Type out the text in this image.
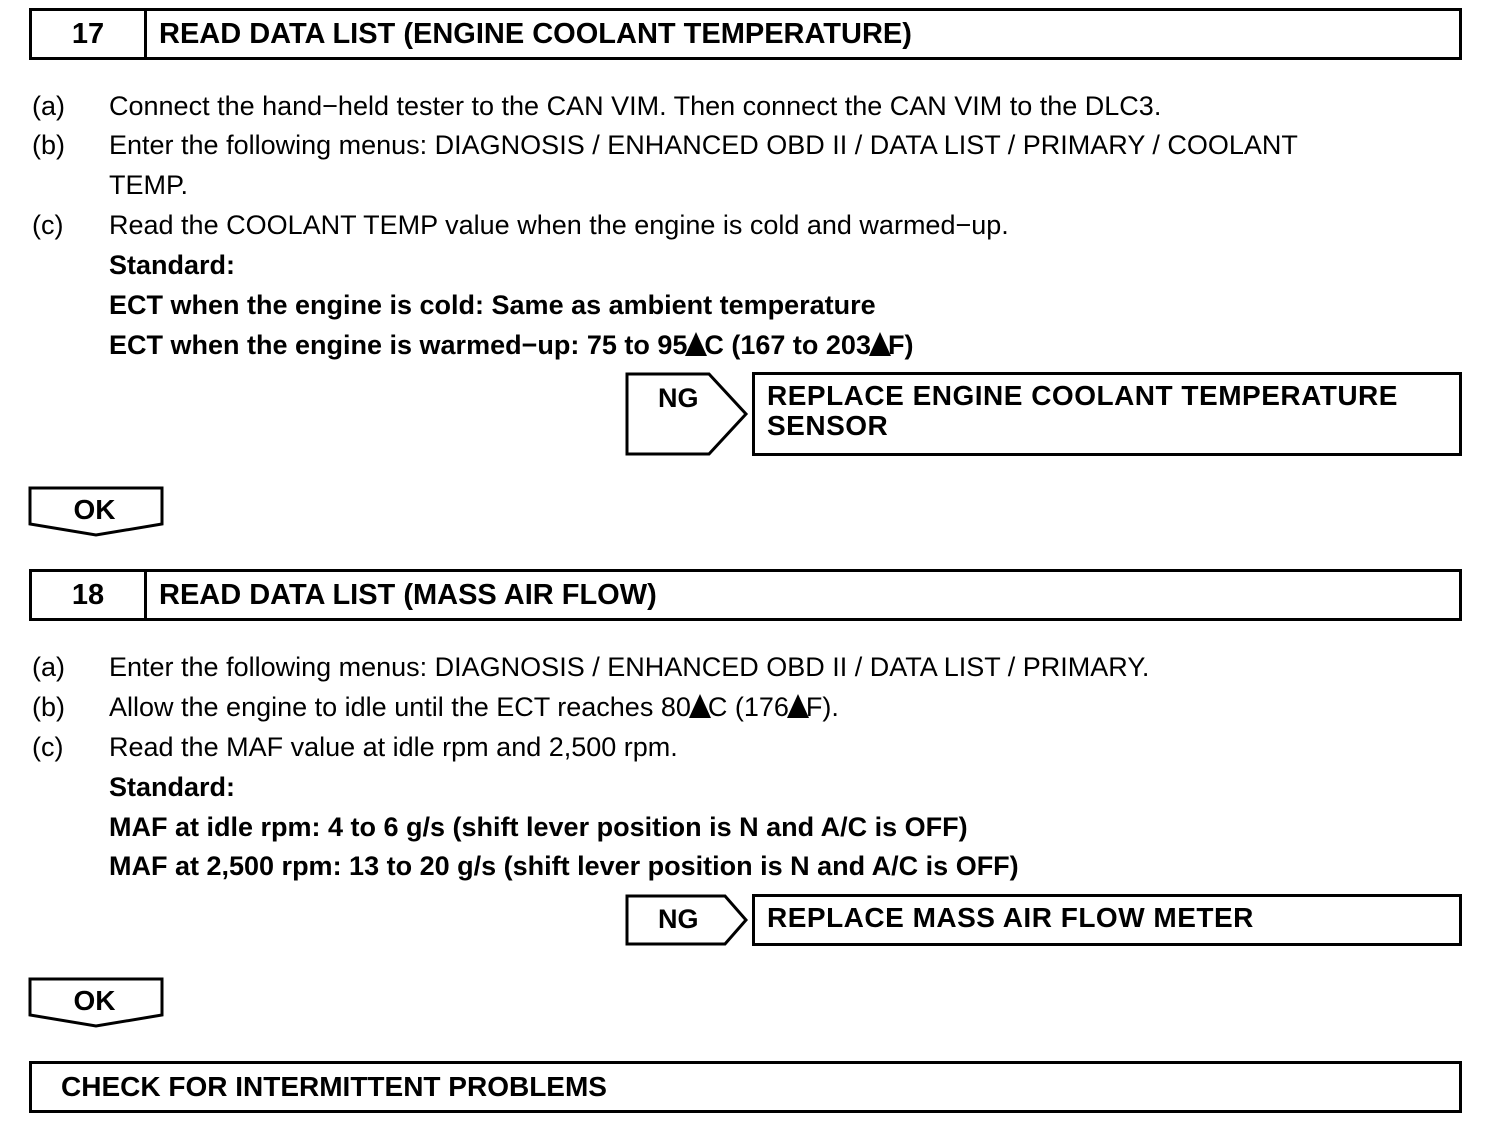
17	READ DATA LIST (ENGINE COOLANT TEMPERATURE)
(a) Connect the hand−held tester to the CAN VIM. Then connect the CAN VIM to the DLC3.
(b) Enter the following menus: DIAGNOSIS / ENHANCED OBD II / DATA LIST / PRIMARY / COOLANT
TEMP.
(c) Read the COOLANT TEMP value when the engine is cold and warmed−up.
Standard:
ECT when the engine is cold: Same as ambient temperature
ECT when the engine is warmed−up: 75 to 95 C (167 to 203 F)
NG REPLACE ENGINE COOLANT TEMPERATURE
SENSOR
OK
18	READ DATA LIST (MASS AIR FLOW)
(a) Enter the following menus: DIAGNOSIS / ENHANCED OBD II / DATA LIST / PRIMARY.
(b) Allow the engine to idle until the ECT reaches 80 C (176 F).
(c) Read the MAF value at idle rpm and 2,500 rpm.
Standard:
MAF at idle rpm: 4 to 6 g/s (shift lever position is N and A/C is OFF)
MAF at 2,500 rpm: 13 to 20 g/s (shift lever position is N and A/C is OFF)
NG REPLACE MASS AIR FLOW METER
OK
CHECK FOR INTERMITTENT PROBLEMS
